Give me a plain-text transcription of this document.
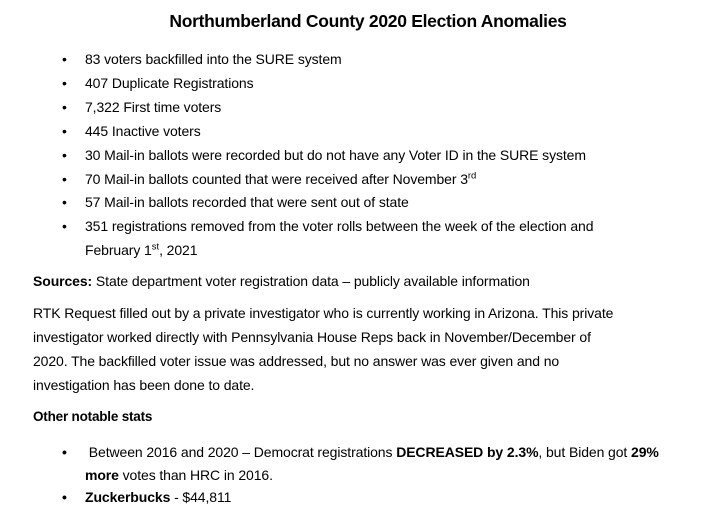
Northumberland County 2020 Election Anomalies
• 83 voters backfilled into the SURE system
• 407 Duplicate Registrations
• 7,322 First time voters
• 445 Inactive voters
• 30 Mail-in ballots were recorded but do not have any Voter ID in the SURE system
• 70 Mail-in ballots counted that were received after November 3rd
• 57 Mail-in ballots recorded that were sent out of state
• 351 registrations removed from the voter rolls between the week of the election and
February 1st, 2021
Sources: State department voter registration data – publicly available information
RTK Request filled out by a private investigator who is currently working in Arizona. This private
investigator worked directly with Pennsylvania House Reps back in November/December of
2020. The backfilled voter issue was addressed, but no answer was ever given and no
investigation has been done to date.
Other notable stats
•  Between 2016 and 2020 – Democrat registrations DECREASED by 2.3%, but Biden got 29%
more votes than HRC in 2016.
• Zuckerbucks - $44,811
